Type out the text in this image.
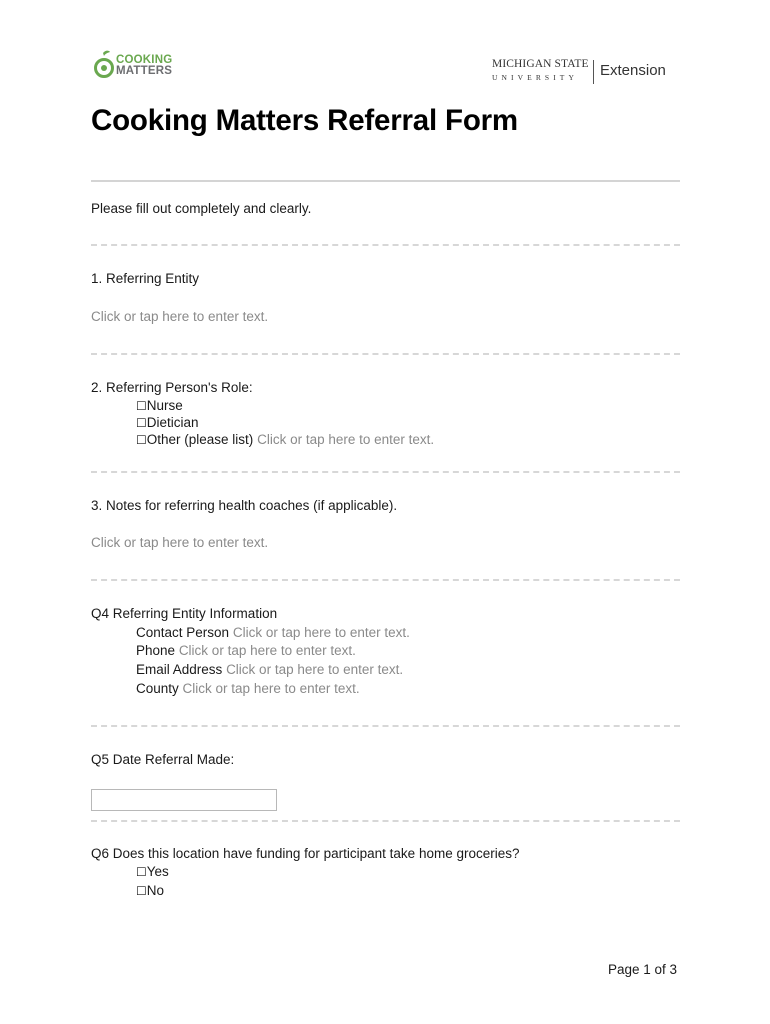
COOKING
MATTERS
MICHIGAN STATE
UNIVERSITY Extension
Cooking Matters Referral Form
Please fill out completely and clearly.
1. Referring Entity
Click or tap here to enter text.
2. Referring Person's Role:
☐Nurse
☐Dietician
☐Other (please list) Click or tap here to enter text.
3. Notes for referring health coaches (if applicable).
Click or tap here to enter text.
Q4 Referring Entity Information
Contact Person Click or tap here to enter text.
Phone Click or tap here to enter text.
Email Address Click or tap here to enter text.
County Click or tap here to enter text.
Q5 Date Referral Made:
Q6 Does this location have funding for participant take home groceries?
☐Yes
☐No
Page 1 of 3
